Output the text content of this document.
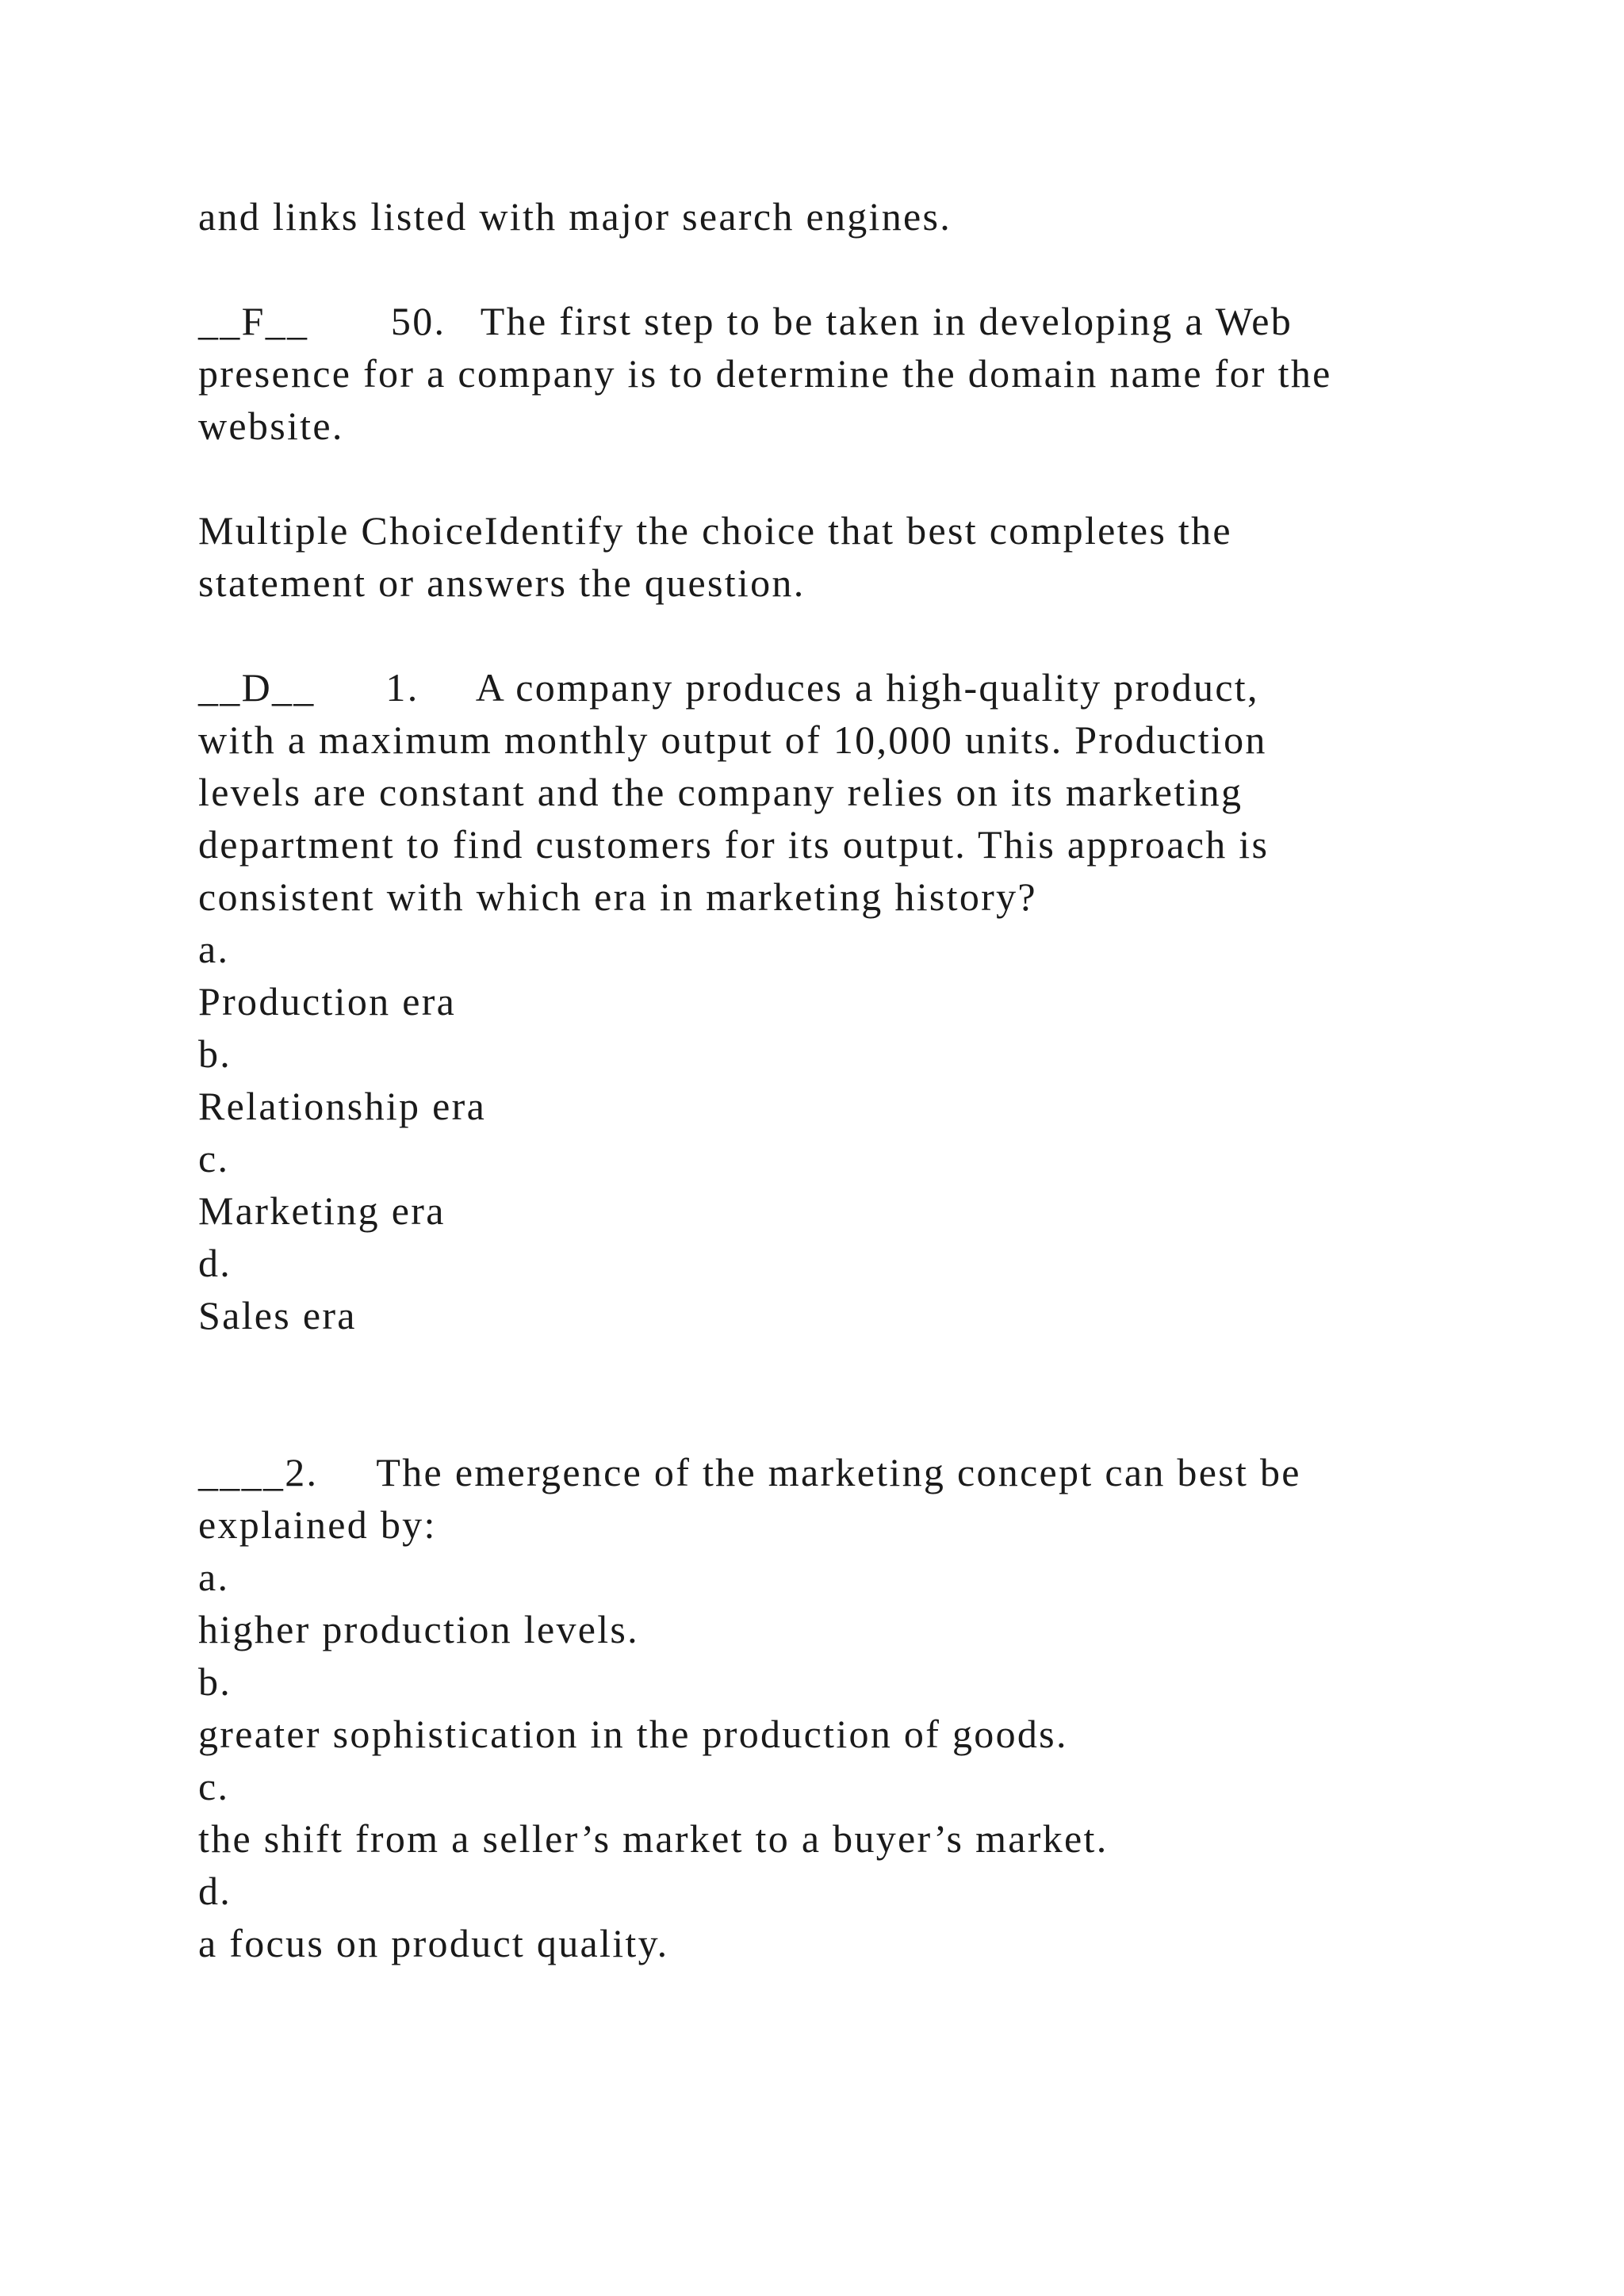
and links listed with major search engines.
__F__       50.   The first step to be taken in developing a Web
presence for a company is to determine the domain name for the
website.
Multiple ChoiceIdentify the choice that best completes the
statement or answers the question.
__D__      1.     A company produces a high-quality product,
with a maximum monthly output of 10,000 units. Production
levels are constant and the company relies on its marketing
department to find customers for its output. This approach is
consistent with which era in marketing history?
a.
Production era
b.
Relationship era
c.
Marketing era
d.
Sales era
____2.     The emergence of the marketing concept can best be
explained by:
a.
higher production levels.
b.
greater sophistication in the production of goods.
c.
the shift from a seller’s market to a buyer’s market.
d.
a focus on product quality.
